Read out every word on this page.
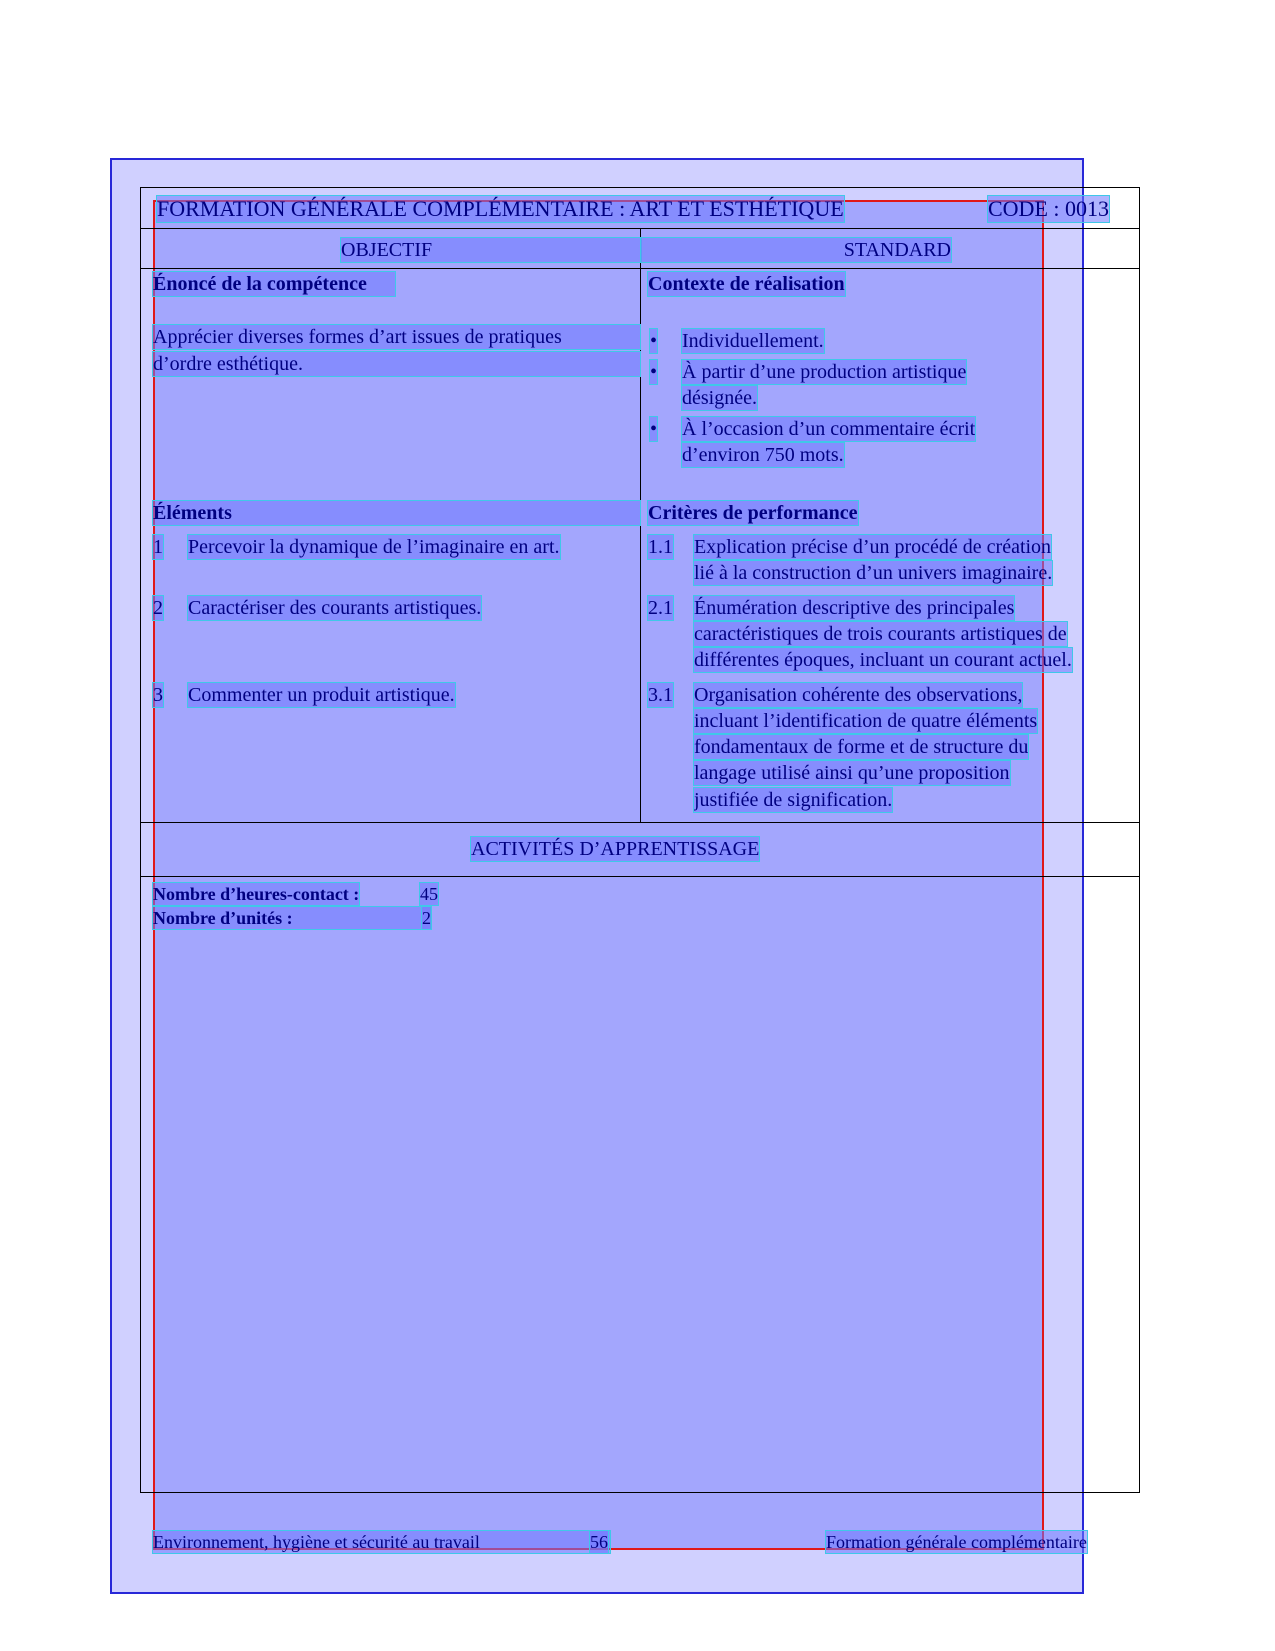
FORMATION GÉNÉRALE COMPLÉMENTAIRE : ART ET ESTHÉTIQUE	CODE : 0013
OBJECTIF	STANDARD
Énoncé de la compétence
Apprécier diverses formes d’art issues de pratiques
d’ordre esthétique.
Contexte de réalisation
• Individuellement.
• À partir d’une production artistique
désignée.
• À l’occasion d’un commentaire écrit
d’environ 750 mots.
Éléments	Critères de performance
1 Percevoir la dynamique de l’imaginaire en art.	1.1 Explication précise d’un procédé de création
lié à la construction d’un univers imaginaire.
2 Caractériser des courants artistiques.	2.1 Énumération descriptive des principales
caractéristiques de trois courants artistiques de
différentes époques, incluant un courant actuel.
3 Commenter un produit artistique.	3.1 Organisation cohérente des observations,
incluant l’identification de quatre éléments
fondamentaux de forme et de structure du
langage utilisé ainsi qu’une proposition
justifiée de signification.
ACTIVITÉS D’APPRENTISSAGE
Nombre d’heures-contact :	45
Nombre d’unités :	2
Environnement, hygiène et sécurité au travail	56	Formation générale complémentaire
